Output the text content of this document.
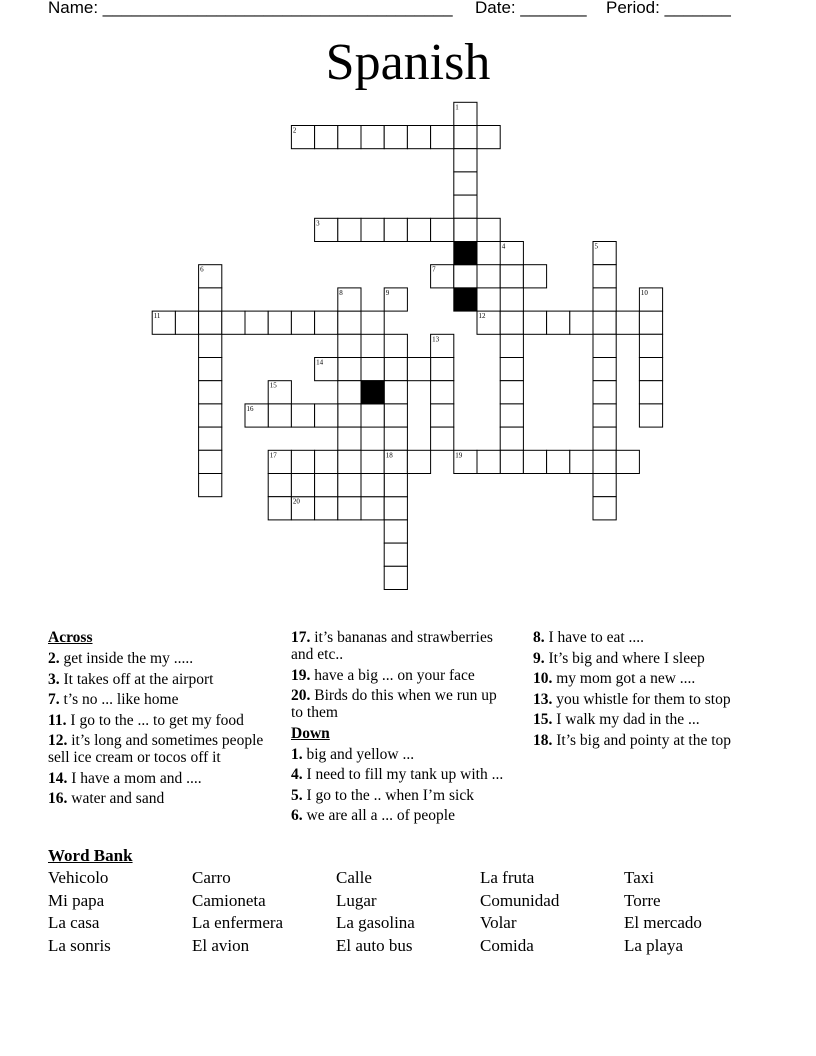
Name: _____________________________________ Date: _______ Period: _______
Spanish
1
2
3
7
11	12
4	5
6
8	9	10
13
14
15
17
16
18	19
20
Across
2. get inside the my .....
3. It takes off at the airport
7. t’s no ... like home
11. I go to the ... to get my food
12. it’s long and sometimes people sell ice cream or tocos off it
14. I have a mom and ....
16. water and sand
17. it’s bananas and strawberries and etc..
19. have a big ... on your face
20. Birds do this when we run up to them
Down
1. big and yellow ...
4. I need to fill my tank up with ...
5. I go to the .. when I’m sick
6. we are all a ... of people
8. I have to eat ....
9. It’s big and where I sleep
10. my mom got a new ....
13. you whistle for them to stop
15. I walk my dad in the ...
18. It’s big and pointy at the top
Word Bank
Vehicolo	Carro	Calle	La fruta	Taxi
Mi papa	Camioneta	Lugar	Comunidad	Torre
La casa	La enfermera	La gasolina	Volar	El mercado
La sonris	El avion	El auto bus	Comida	La playa
